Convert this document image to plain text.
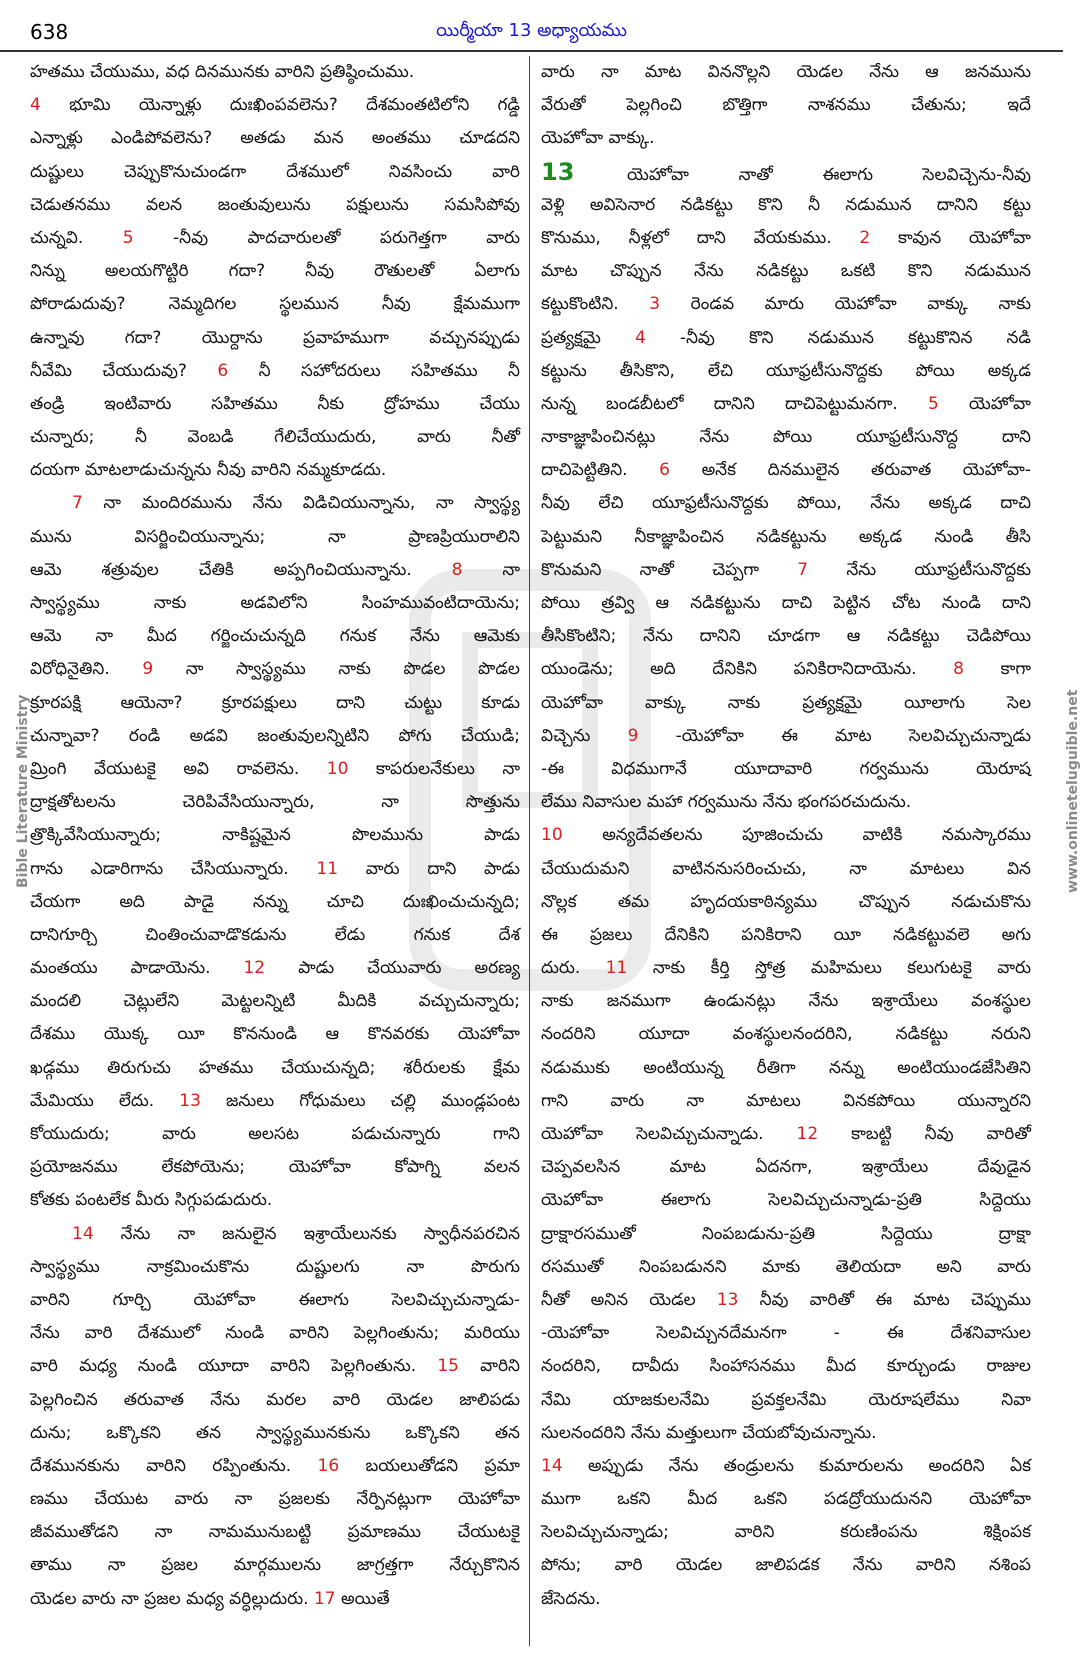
638	యిర్మీయా 13 అధ్యాయము
హతము చేయుము, వధ దినమునకు వారిని ప్రతిష్ఠించుము.
4 భూమి యెన్నాళ్లు దుఃఖింపవలెను? దేశమంతటిలోని గడ్డి
ఎన్నాళ్లు ఎండిపోవలెను? అతడు మన అంతము చూడదని
దుష్టులు చెప్పుకొనుచుండగా దేశములో నివసించు వారి
చెడుతనము వలన జంతువులును పక్షులును సమసిపోవు
చున్నవి. 5 -నీవు పాదచారులతో పరుగెత్తగా వారు
నిన్ను అలయగొట్టిరి గదా? నీవు రౌతులతో ఏలాగు
పోరాడుదువు? నెమ్మదిగల స్థలమున నీవు క్షేమముగా
ఉన్నావు గదా? యొర్దాను ప్రవాహముగా వచ్చునప్పుడు
నీవేమి చేయుదువు? 6 నీ సహోదరులు సహితము నీ
తండ్రి ఇంటివారు సహితము నీకు ద్రోహము చేయు
చున్నారు; నీ వెంబడి గేలిచేయుదురు, వారు నీతో
దయగా మాటలాడుచున్నను నీవు వారిని నమ్మకూడదు.
7 నా మందిరమును నేను విడిచియున్నాను, నా స్వాస్థ్య
మును విసర్జించియున్నాను; నా ప్రాణప్రియురాలిని
ఆమె శత్రువుల చేతికి అప్పగించియున్నాను. 8 నా
స్వాస్థ్యము నాకు అడవిలోని సింహమువంటిదాయెను;
ఆమె నా మీద గర్జించుచున్నది గనుక నేను ఆమెకు
విరోధినైతిని. 9 నా స్వాస్థ్యము నాకు పొడల పొడల
క్రూరపక్షి ఆయెనా? క్రూరపక్షులు దాని చుట్టు కూడు
చున్నావా? రండి అడవి జంతువులన్నిటిని పోగు చేయుడి;
మ్రింగి వేయుటకై అవి రావలెను. 10 కాపరులనేకులు నా
ద్రాక్షతోటలను చెరిపివేసియున్నారు, నా సొత్తును
త్రొక్కివేసియున్నారు; నాకిష్టమైన పొలమును పాడు
గాను ఎడారిగాను చేసియున్నారు. 11 వారు దాని పాడు
చేయగా అది పాడై నన్ను చూచి దుఃఖించుచున్నది;
దానిగూర్చి చింతించువాడొకడును లేడు గనుక దేశ
మంతయు పాడాయెను. 12 పాడు చేయువారు అరణ్య
మందలి చెట్లులేని మెట్టలన్నిటి మీదికి వచ్చుచున్నారు;
దేశము యొక్క యీ కొననుండి ఆ కొనవరకు యెహోవా
ఖడ్గము తిరుగుచు హతము చేయుచున్నది; శరీరులకు క్షేమ
మేమియు లేదు. 13 జనులు గోధుమలు చల్లి ముండ్లపంట
కోయుదురు; వారు అలసట పడుచున్నారు గాని
ప్రయోజనము లేకపోయెను; యెహోవా కోపాగ్ని వలన
కోతకు పంటలేక మీరు సిగ్గుపడుదురు.
14 నేను నా జనులైన ఇశ్రాయేలునకు స్వాధీనపరచిన
స్వాస్థ్యము నాక్రమించుకొను దుష్టులగు నా పొరుగు
వారిని గూర్చి యెహోవా ఈలాగు సెలవిచ్చుచున్నాడు-
నేను వారి దేశములో నుండి వారిని పెల్లగింతును; మరియు
వారి మధ్య నుండి యూదా వారిని పెల్లగింతును. 15 వారిని
పెల్లగించిన తరువాత నేను మరల వారి యెడల జాలిపడు
దును; ఒక్కొకని తన స్వాస్థ్యమునకును ఒక్కొకని తన
దేశమునకును వారిని రప్పింతును. 16 బయలుతోడని ప్రమా
ణము చేయుట వారు నా ప్రజలకు నేర్పినట్లుగా యెహోవా
జీవముతోడని నా నామమునుబట్టి ప్రమాణము చేయుటకై
తాము నా ప్రజల మార్గములను జాగ్రత్తగా నేర్చుకొనిన
యెడల వారు నా ప్రజల మధ్య వర్ధిల్లుదురు. 17 అయితే
వారు నా మాట విననొల్లని యెడల నేను ఆ జనమును
వేరుతో పెల్లగించి బొత్తిగా నాశనము చేతును; ఇదే
యెహోవా వాక్కు.
13 యెహోవా నాతో ఈలాగు సెలవిచ్చెను-నీవు
వెళ్లి అవిసెనార నడికట్టు కొని నీ నడుమున దానిని కట్టు
కొనుము, నీళ్లలో దాని వేయకుము. 2 కావున యెహోవా
మాట చొప్పున నేను నడికట్టు ఒకటి కొని నడుమున
కట్టుకొంటిని. 3 రెండవ మారు యెహోవా వాక్కు నాకు
ప్రత్యక్షమై 4 -నీవు కొని నడుమున కట్టుకొనిన నడి
కట్టును తీసికొని, లేచి యూఫ్రటీసునొద్దకు పోయి అక్కడ
నున్న బండబీటలో దానిని దాచిపెట్టుమనగా. 5 యెహోవా
నాకాజ్ఞాపించినట్లు నేను పోయి యూఫ్రటీసునొద్ద దాని
దాచిపెట్టితిని. 6 అనేక దినములైన తరువాత యెహోవా-
నీవు లేచి యూఫ్రటీసునొద్దకు పోయి, నేను అక్కడ దాచి
పెట్టుమని నీకాజ్ఞాపించిన నడికట్టును అక్కడ నుండి తీసి
కొనుమని నాతో చెప్పగా 7 నేను యూఫ్రటీసునొద్దకు
పోయి త్రవ్వి ఆ నడికట్టును దాచి పెట్టిన చోట నుండి దాని
తీసికొంటిని; నేను దానిని చూడగా ఆ నడికట్టు చెడిపోయి
యుండెను; అది దేనికిని పనికిరానిదాయెను. 8 కాగా
యెహోవా వాక్కు నాకు ప్రత్యక్షమై యీలాగు సెల
విచ్చెను 9 -యెహోవా ఈ మాట సెలవిచ్చుచున్నాడు
-ఈ విధముగానే యూదావారి గర్వమును యెరూష
లేము నివాసుల మహా గర్వమును నేను భంగపరచుదును.
10 అన్యదేవతలను పూజించుచు వాటికి నమస్కారము
చేయుదుమని వాటిననుసరించుచు, నా మాటలు విన
నొల్లక తమ హృదయకాఠిన్యము చొప్పున నడుచుకొను
ఈ ప్రజలు దేనికిని పనికిరాని యీ నడికట్టువలె అగు
దురు. 11 నాకు కీర్తి స్తోత్ర మహిమలు కలుగుటకై వారు
నాకు జనముగా ఉండునట్లు నేను ఇశ్రాయేలు వంశస్థుల
నందరిని యూదా వంశస్థులనందరిని, నడికట్టు నరుని
నడుముకు అంటియున్న రీతిగా నన్ను అంటియుండజేసితిని
గాని వారు నా మాటలు వినకపోయి యున్నారని
యెహోవా సెలవిచ్చుచున్నాడు. 12 కాబట్టి నీవు వారితో
చెప్పవలసిన మాట ఏదనగా, ఇశ్రాయేలు దేవుడైన
యెహోవా ఈలాగు సెలవిచ్చుచున్నాడు-ప్రతి సిద్దెయు
ద్రాక్షారసముతో నింపబడును-ప్రతి సిద్దెయు ద్రాక్షా
రసముతో నింపబడునని మాకు తెలియదా అని వారు
నీతో అనిన యెడల 13 నీవు వారితో ఈ మాట చెప్పుము
-యెహోవా సెలవిచ్చునదేమనగా - ఈ దేశనివాసుల
నందరిని, దావీదు సింహాసనము మీద కూర్చుండు రాజుల
నేమి యాజకులనేమి ప్రవక్తలనేమి యెరూషలేము నివా
సులనందరిని నేను మత్తులుగా చేయబోవుచున్నాను.
14 అప్పుడు నేను తండ్రులను కుమారులను అందరిని ఏక
ముగా ఒకని మీద ఒకని పడద్రోయుదునని యెహోవా
సెలవిచ్చుచున్నాడు; వారిని కరుణింపను శిక్షింపక
పోను; వారి యెడల జాలిపడక నేను వారిని నశింప
జేసెదను.
Bible Literature Ministry	www.onlineteluguible.net
